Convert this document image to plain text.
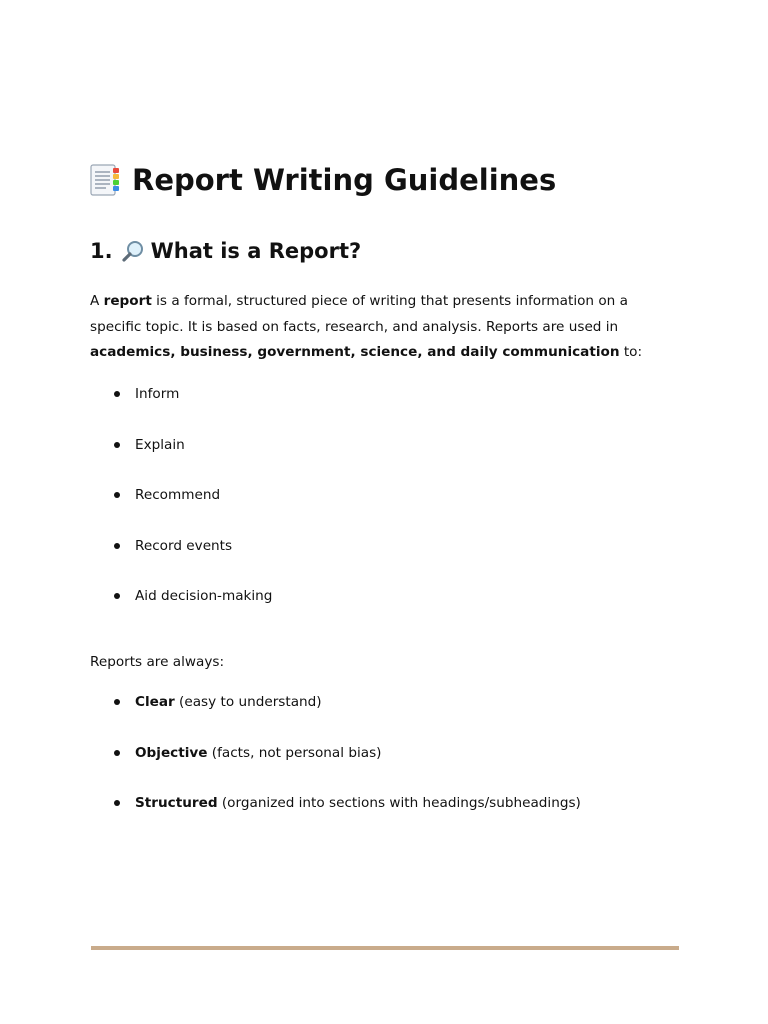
Report Writing Guidelines
1. What is a Report?

A report is a formal, structured piece of writing that presents information on a specific topic. It is based on facts, research, and analysis. Reports are used in academics, business, government, science, and daily communication to:

Inform
Explain
Recommend
Record events
Aid decision-making

Reports are always:

Clear (easy to understand)
Objective (facts, not personal bias)
Structured (organized into sections with headings/subheadings)
